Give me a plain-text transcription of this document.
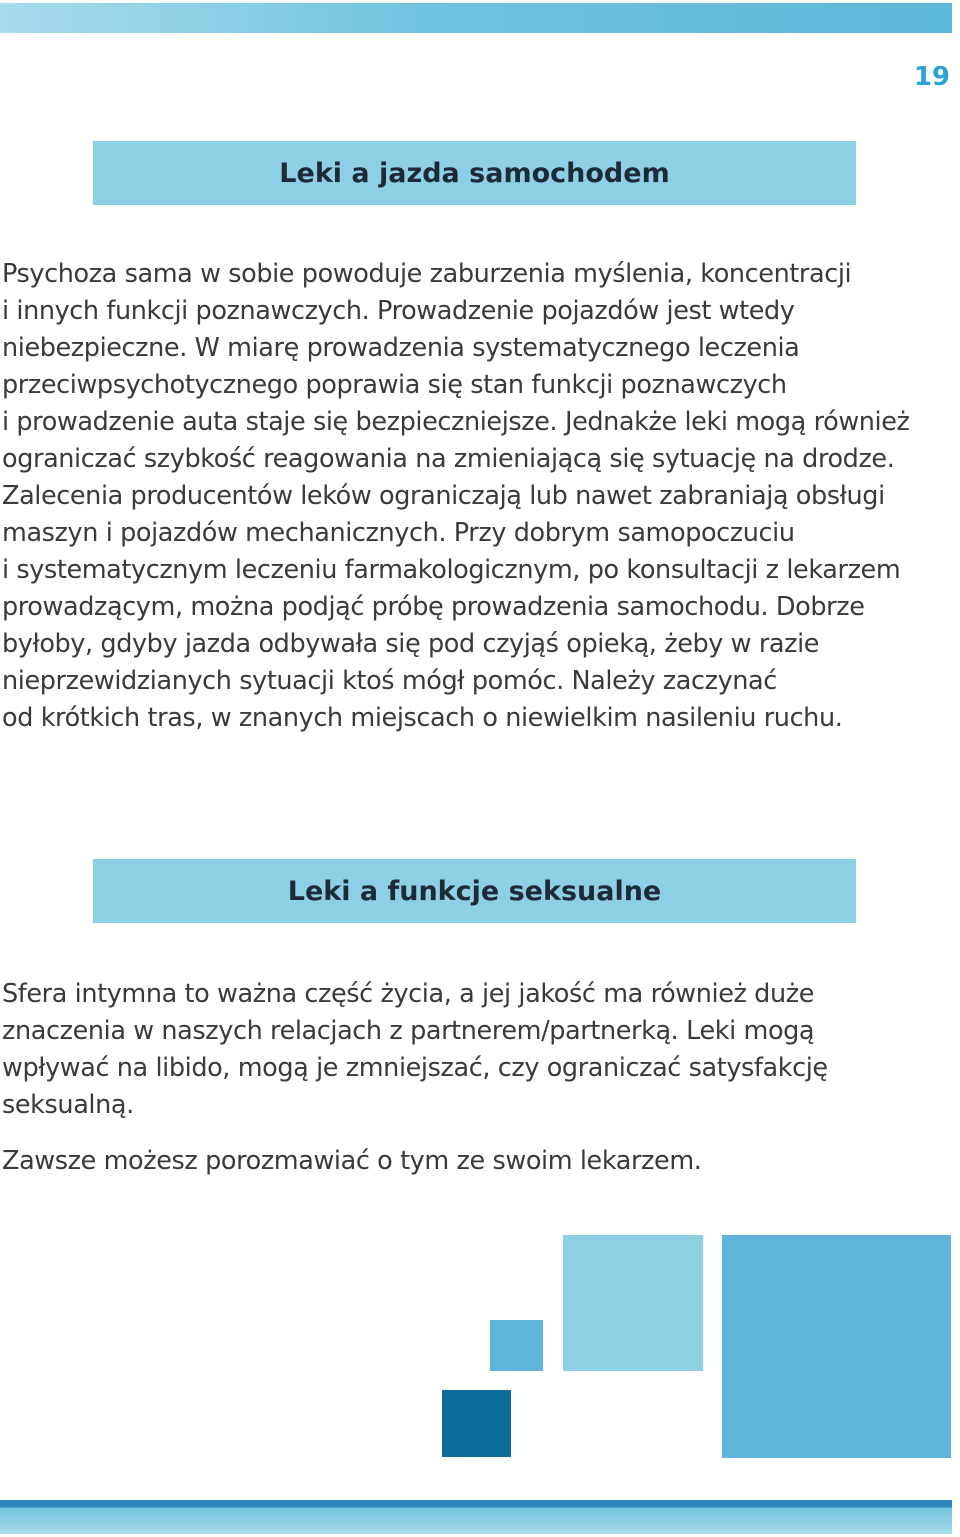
19
Leki a jazda samochodem

Psychoza sama w sobie powoduje zaburzenia myślenia, koncentracji
i innych funkcji poznawczych. Prowadzenie pojazdów jest wtedy
niebezpieczne. W miarę prowadzenia systematycznego leczenia
przeciwpsychotycznego poprawia się stan funkcji poznawczych
i prowadzenie auta staje się bezpieczniejsze. Jednakże leki mogą również
ograniczać szybkość reagowania na zmieniającą się sytuację na drodze.
Zalecenia producentów leków ograniczają lub nawet zabraniają obsługi
maszyn i pojazdów mechanicznych. Przy dobrym samopoczuciu
i systematycznym leczeniu farmakologicznym, po konsultacji z lekarzem
prowadzącym, można podjąć próbę prowadzenia samochodu. Dobrze
byłoby, gdyby jazda odbywała się pod czyjąś opieką, żeby w razie
nieprzewidzianych sytuacji ktoś mógł pomóc. Należy zaczynać
od krótkich tras, w znanych miejscach o niewielkim nasileniu ruchu.

Leki a funkcje seksualne

Sfera intymna to ważna część życia, a jej jakość ma również duże
znaczenia w naszych relacjach z partnerem/partnerką. Leki mogą
wpływać na libido, mogą je zmniejszać, czy ograniczać satysfakcję
seksualną.

Zawsze możesz porozmawiać o tym ze swoim lekarzem.
